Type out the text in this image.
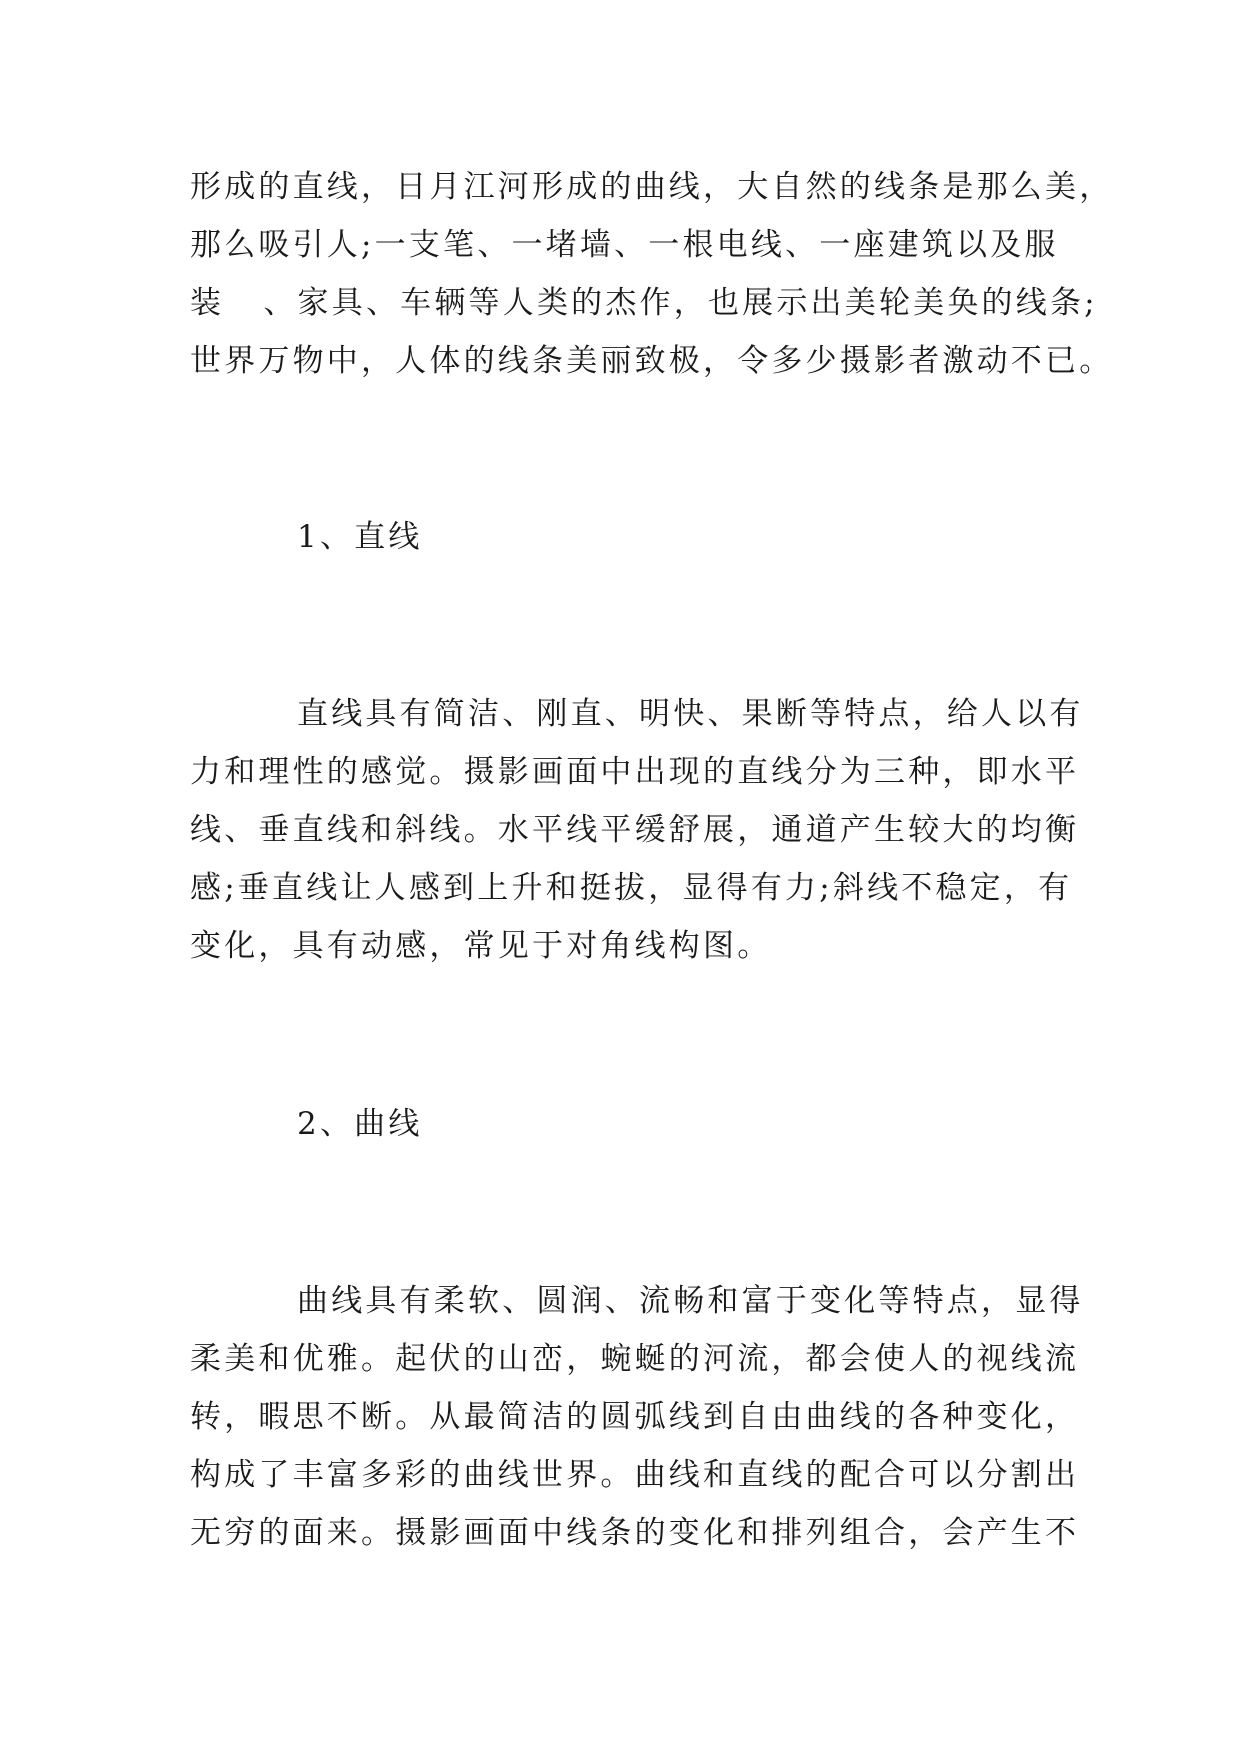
形成的直线，日月江河形成的曲线，大自然的线条是那么美，
那么吸引人;一支笔、一堵墙、一根电线、一座建筑以及服
装   、家具、车辆等人类的杰作，也展示出美轮美奂的线条;
世界万物中，人体的线条美丽致极，令多少摄影者激动不已。
1、直线
直线具有简洁、刚直、明快、果断等特点，给人以有
力和理性的感觉。摄影画面中出现的直线分为三种，即水平
线、垂直线和斜线。水平线平缓舒展，通道产生较大的均衡
感;垂直线让人感到上升和挺拔，显得有力;斜线不稳定，有
变化，具有动感，常见于对角线构图。
2、曲线
曲线具有柔软、圆润、流畅和富于变化等特点，显得
柔美和优雅。起伏的山峦，蜿蜒的河流，都会使人的视线流
转，暇思不断。从最简洁的圆弧线到自由曲线的各种变化，
构成了丰富多彩的曲线世界。曲线和直线的配合可以分割出
无穷的面来。摄影画面中线条的变化和排列组合，会产生不
